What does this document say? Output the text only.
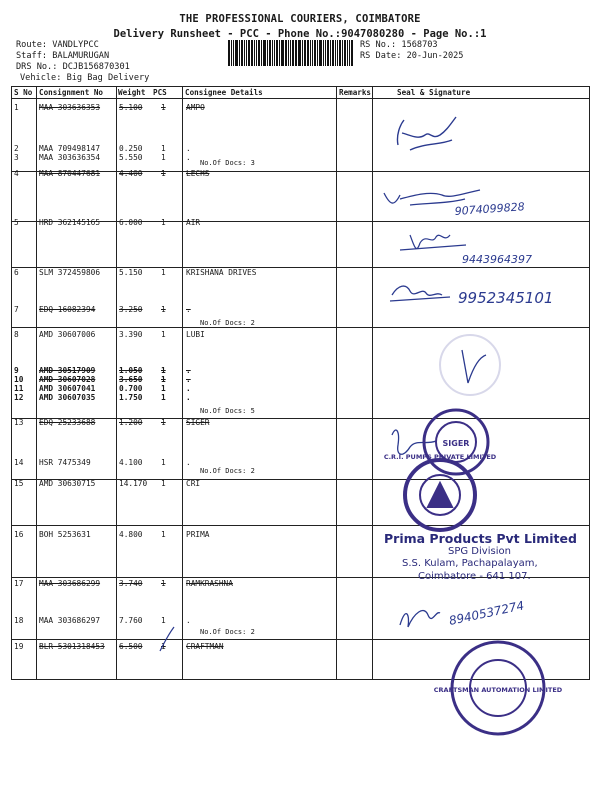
THE PROFESSIONAL COURIERS, COIMBATORE
Delivery Runsheet - PCC - Phone No.:9047080280 - Page No.:1
Route: VANDLYPCC
Staff: BALAMURUGAN
DRS No.: DCJB156870301
Vehicle: Big Bag Delivery
RS No.: 1568703
RS Date: 20-Jun-2025
S No Consignment No Weight PCS Consignee Details	Remarks	Seal & Signature
1	MAA 303636353 5.100 1	AMPO
2	MAA 709498147 0.250 1	.
3	MAA 303636354 5.550 1	.
4	MAA 870447681 4.400 1	LECHS
5	HRD 362145165 6.000 1	AIR
6	SLM 372459806 5.150 1	KRISHANA DRIVES
7	EDQ 16082394	3.250 1	.
8	AMD 30607006	3.390 1	LUBI
9	AMD 30517909	1.050 1	.
10 AMD 30607028	3.650 1	.
11 AMD 30607041	0.700 1	.
12 AMD 30607035	1.750 1	.
13 EDQ 25233688	1.200 1	SIGER
14 HSR 7475349	4.100 1	.
15 AMD 30630715	14.170 1	CRI
16 BOH 5253631	4.800 1	PRIMA
17 MAA 303686299 3.740 1	RAMKRASHNA
18 MAA 303686297 7.760 1	.
19 BLR 5301318453 6.500 1	CRAFTMAN
No.Of Docs: 3
No.Of Docs: 2
No.Of Docs: 5
No.Of Docs: 2
No.Of Docs: 2
9074099828
9443964397
9952345101
SIGER
C.R.I. PUMPS PRIVATE LIMITED
8940537274
CRAFTSMAN AUTOMATION LIMITED
Prima Products Pvt Limited
SPG Division
S.S. Kulam, Pachapalayam,
Coimbatore - 641 107.
